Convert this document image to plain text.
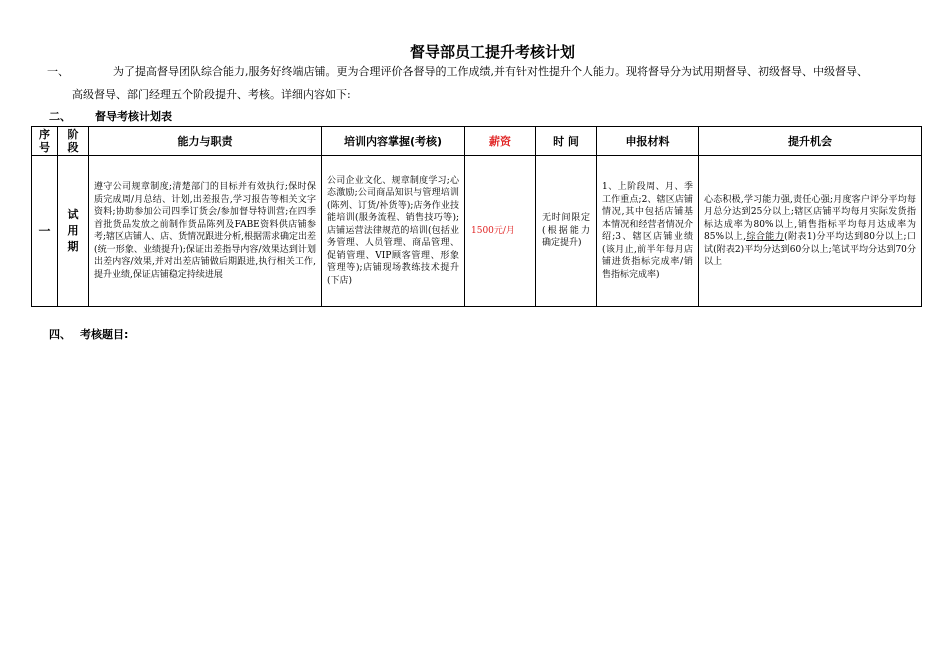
督导部员工提升考核计划
一、	为了提高督导团队综合能力,服务好终端店铺。更为合理评价各督导的工作成绩,并有针对性提升个人能力。现将督导分为试用期督导、初级督导、中级督导、
高级督导、部门经理五个阶段提升、考核。详细内容如下:
二、 督导考核计划表
序号	阶段	能力与职责	培训内容掌握(考核)	薪资	时 间	申报材料	提升机会
一	试用期	遵守公司规章制度;清楚部门的目标并有效执行;保时保质完成周/月总结、计划,出差报告,学习报告等相关文字资料;协助参加公司四季订货会/参加督导特训营;在四季首批货品发放之前制作货品陈列及FABE资料供店铺参考;辖区店铺人、店、货情况跟进分析,根据需求确定出差(统一形象、业绩提升);保证出差指导内容/效果达到计划出差内容/效果,并对出差店铺做后期跟进,执行相关工作,提升业绩,保证店铺稳定持续进展	公司企业文化、规章制度学习;心态激励;公司商品知识与管理培训(陈列、订货/补货等);店务作业技能培训(服务流程、销售技巧等);店铺运营法律规范的培训(包括业务管理、人员管理、商品管理、促销管理、VIP顾客管理、形象管理等);店铺现场教练技术提升(下店)	1500元/月	无时间限定(根据能力确定提升)	1、上阶段周、月、季工作重点;2、辖区店铺情况,其中包括店铺基本情况和经营者情况介绍;3、辖区店铺业绩(该月止,前半年每月店铺进货指标完成率/销售指标完成率)	心态积极,学习能力强,责任心强;月度客户评分平均每月总分达到25分以上;辖区店铺平均每月实际发货指标达成率为80%以上,销售指标平均每月达成率为85%以上,综合能力(附表1)分平均达到80分以上;口试(附表2)平均分达到60分以上;笔试平均分达到70分以上
四、 考核题目:
